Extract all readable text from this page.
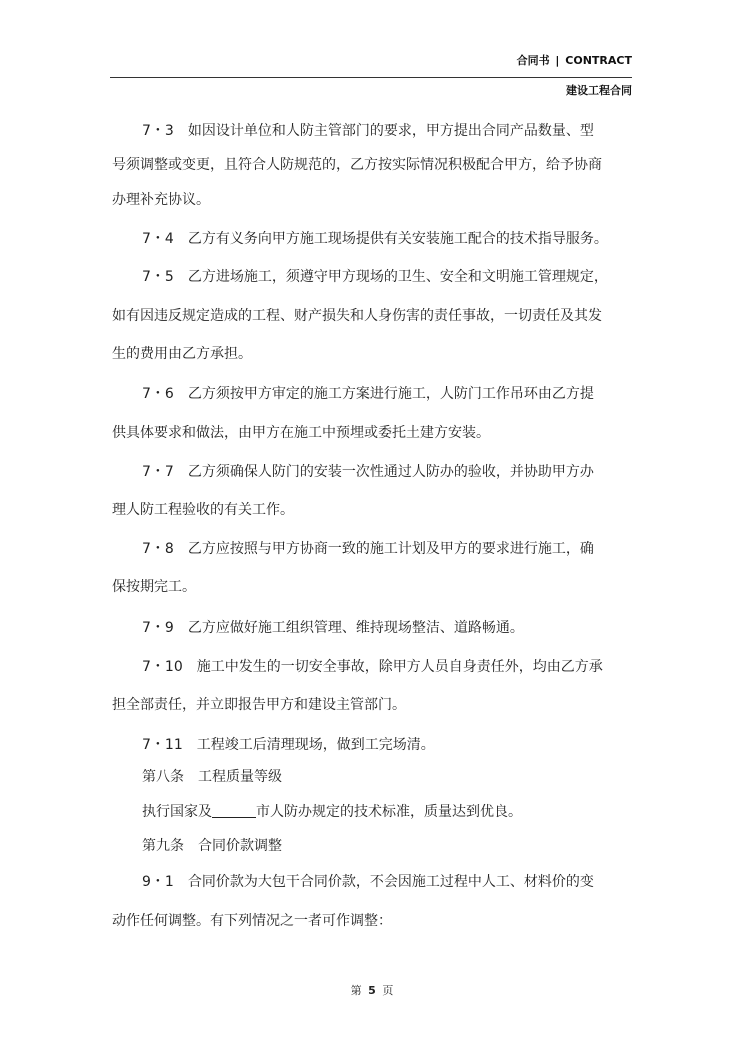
合同书 | CONTRACT
建设工程合同
7・3　如因设计单位和人防主管部门的要求，甲方提出合同产品数量、型
号须调整或变更，且符合人防规范的，乙方按实际情况积极配合甲方，给予协商
办理补充协议。
7・4　乙方有义务向甲方施工现场提供有关安装施工配合的技术指导服务。
7・5　乙方进场施工，须遵守甲方现场的卫生、安全和文明施工管理规定，
如有因违反规定造成的工程、财产损失和人身伤害的责任事故，一切责任及其发
生的费用由乙方承担。
7・6　乙方须按甲方审定的施工方案进行施工，人防门工作吊环由乙方提
供具体要求和做法，由甲方在施工中预埋或委托土建方安装。
7・7　乙方须确保人防门的安装一次性通过人防办的验收，并协助甲方办
理人防工程验收的有关工作。
7・8　乙方应按照与甲方协商一致的施工计划及甲方的要求进行施工，确
保按期完工。
7・9　乙方应做好施工组织管理、维持现场整洁、道路畅通。
7・10　施工中发生的一切安全事故，除甲方人员自身责任外，均由乙方承
担全部责任，并立即报告甲方和建设主管部门。
7・11　工程竣工后清理现场，做到工完场清。
第八条　工程质量等级
执行国家及	市人防办规定的技术标准，质量达到优良。
第九条　合同价款调整
9・1　合同价款为大包干合同价款，不会因施工过程中人工、材料价的变
动作任何调整。有下列情况之一者可作调整：
第 5 页
